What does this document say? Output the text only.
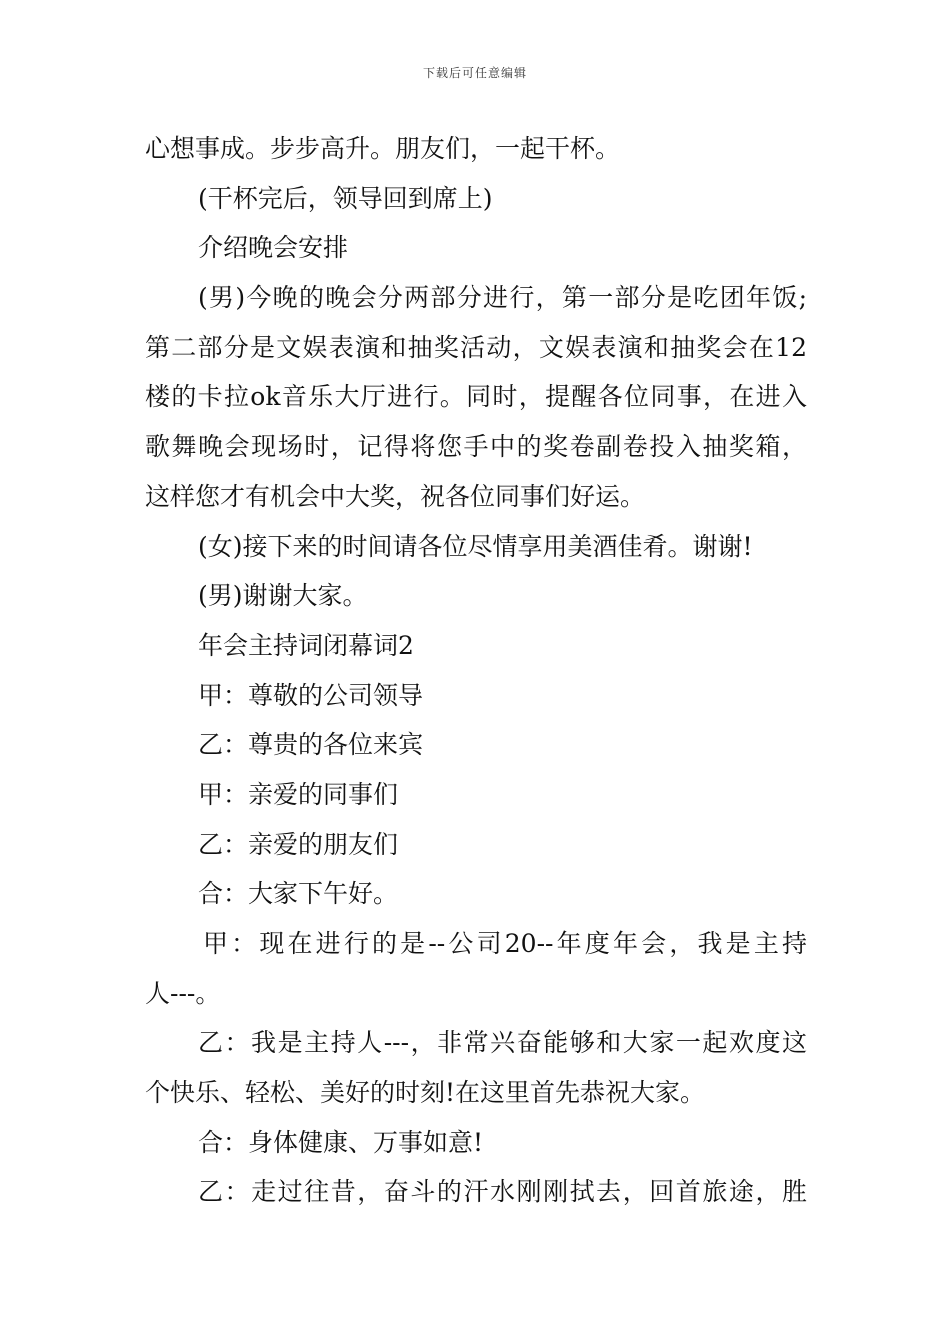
下载后可任意编辑
心想事成。步步高升。朋友们，一起干杯。
(干杯完后，领导回到席上)
介绍晚会安排
(男)今晚的晚会分两部分进行，第一部分是吃团年饭;
第二部分是文娱表演和抽奖活动，文娱表演和抽奖会在12
楼的卡拉ok音乐大厅进行。同时，提醒各位同事，在进入
歌舞晚会现场时，记得将您手中的奖卷副卷投入抽奖箱，
这样您才有机会中大奖，祝各位同事们好运。
(女)接下来的时间请各位尽情享用美酒佳肴。谢谢!
(男)谢谢大家。
年会主持词闭幕词2
甲：尊敬的公司领导
乙：尊贵的各位来宾
甲：亲爱的同事们
乙：亲爱的朋友们
合：大家下午好。
甲：现在进行的是--公司20--年度年会，我是主持
人---。
乙：我是主持人---，非常兴奋能够和大家一起欢度这
个快乐、轻松、美好的时刻!在这里首先恭祝大家。
合：身体健康、万事如意!
乙：走过往昔，奋斗的汗水刚刚拭去，回首旅途，胜
